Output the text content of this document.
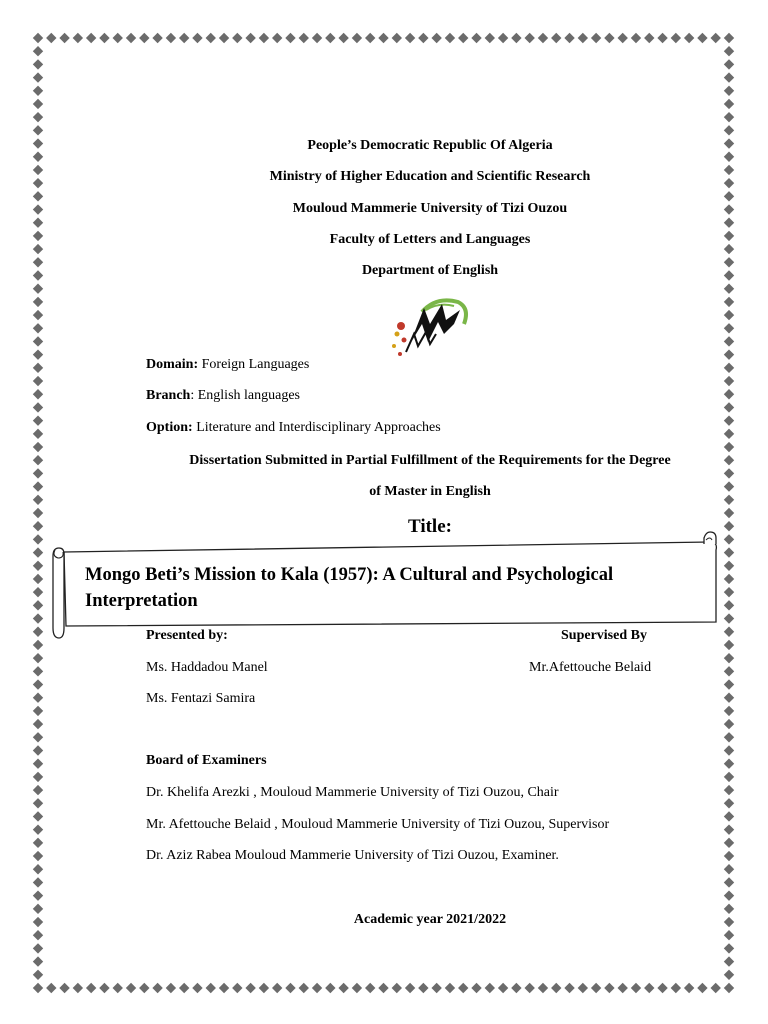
People’s Democratic Republic Of Algeria
Ministry of Higher Education and Scientific Research
Mouloud Mammerie University of Tizi Ouzou
Faculty of Letters and Languages
Department of English
Domain: Foreign Languages
Branch: English languages
Option: Literature and Interdisciplinary Approaches
Dissertation Submitted in Partial Fulfillment of the Requirements for the Degree
of Master in English
Title:
Mongo Beti’s Mission to Kala (1957): A Cultural and Psychological Interpretation
Presented by:	Supervised By
Ms. Haddadou Manel	Mr.Afettouche Belaid
Ms. Fentazi Samira
Board of Examiners
Dr. Khelifa Arezki , Mouloud Mammerie University of Tizi Ouzou, Chair
Mr. Afettouche Belaid , Mouloud Mammerie University of Tizi Ouzou, Supervisor
Dr. Aziz Rabea Mouloud Mammerie University of Tizi Ouzou, Examiner.
Academic year 2021/2022
